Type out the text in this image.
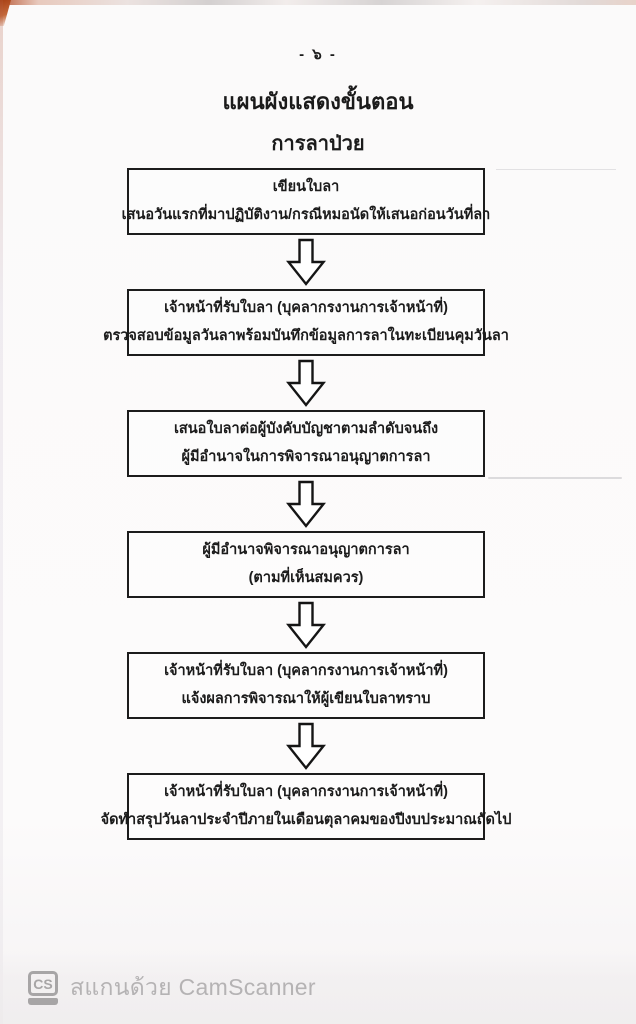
- ๖ -
แผนผังแสดงขั้นตอน
การลาป่วย
เขียนใบลา
เสนอวันแรกที่มาปฏิบัติงาน/กรณีหมอนัดให้เสนอก่อนวันที่ลา
เจ้าหน้าที่รับใบลา (บุคลากรงานการเจ้าหน้าที่)
ตรวจสอบข้อมูลวันลาพร้อมบันทึกข้อมูลการลาในทะเบียนคุมวันลา
เสนอใบลาต่อผู้บังคับบัญชาตามลำดับจนถึง
ผู้มีอำนาจในการพิจารณาอนุญาตการลา
ผู้มีอำนาจพิจารณาอนุญาตการลา
(ตามที่เห็นสมควร)
เจ้าหน้าที่รับใบลา (บุคลากรงานการเจ้าหน้าที่)
แจ้งผลการพิจารณาให้ผู้เขียนใบลาทราบ
เจ้าหน้าที่รับใบลา (บุคลากรงานการเจ้าหน้าที่)
จัดทำสรุปวันลาประจำปีภายในเดือนตุลาคมของปีงบประมาณถัดไป
CS สแกนด้วย CamScanner
